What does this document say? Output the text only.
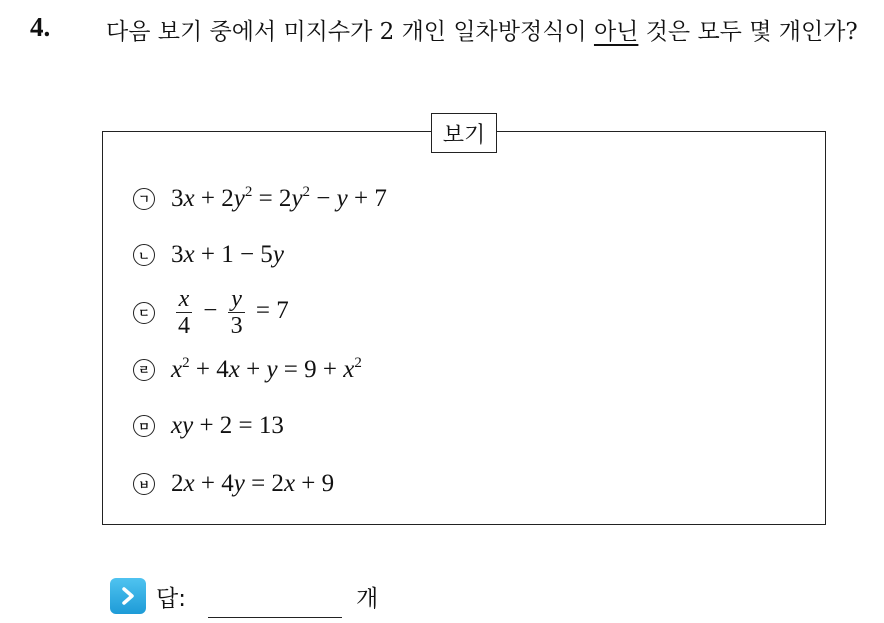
4. 다음 보기 중에서 미지수가 2 개인 일차방정식이 아닌 것은 모두 몇 개인가?
보기
ㄱ $3x + 2y^2 = 2y^2 - y + 7$
ㄴ 3x + 1 − 5y
ㄷ $\frac{x}{4} - \frac{y}{3} = 7$
ㄹ $x^2 + 4x + y = 9 + x^2$
ㅁ xy + 2 = 13
ㅂ 2x + 4y = 2x + 9
답:	개
